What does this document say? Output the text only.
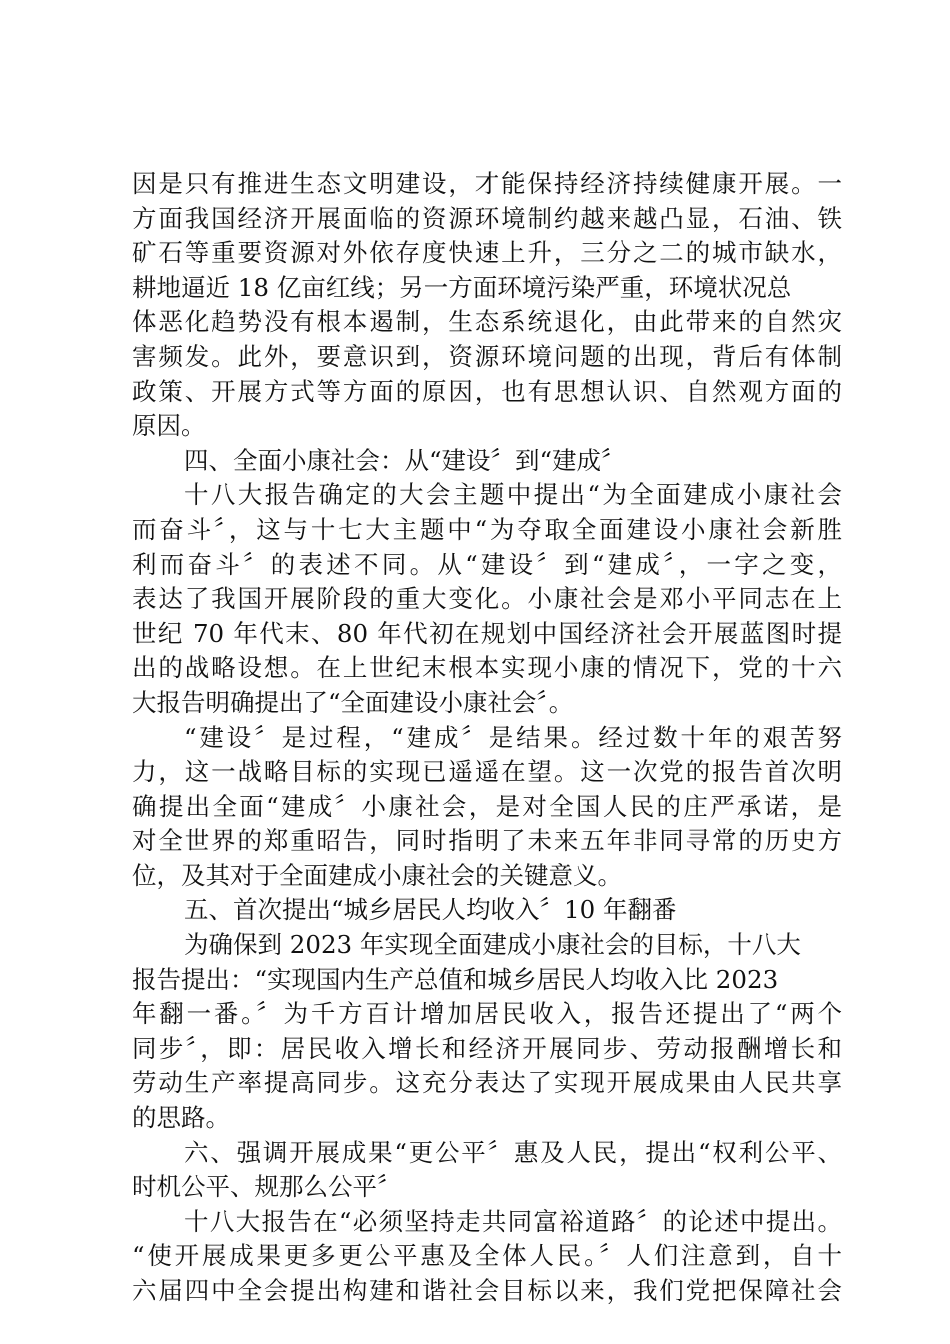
因是只有推进生态文明建设，才能保持经济持续健康开展。一
方面我国经济开展面临的资源环境制约越来越凸显，石油、铁
矿石等重要资源对外依存度快速上升，三分之二的城市缺水，
耕地逼近 18 亿亩红线；另一方面环境污染严重，环境状况总
体恶化趋势没有根本遏制，生态系统退化，由此带来的自然灾
害频发。此外，要意识到，资源环境问题的出现，背后有体制
政策、开展方式等方面的原因，也有思想认识、自然观方面的
原因。
四、全面小康社会：从“建设〞到“建成〞
十八大报告确定的大会主题中提出“为全面建成小康社会
而奋斗〞，这与十七大主题中“为夺取全面建设小康社会新胜
利而奋斗〞的表述不同。从“建设〞到“建成〞，一字之变，
表达了我国开展阶段的重大变化。小康社会是邓小平同志在上
世纪 70 年代末、80 年代初在规划中国经济社会开展蓝图时提
出的战略设想。在上世纪末根本实现小康的情况下，党的十六
大报告明确提出了“全面建设小康社会〞。
“建设〞是过程，“建成〞是结果。经过数十年的艰苦努
力，这一战略目标的实现已遥遥在望。这一次党的报告首次明
确提出全面“建成〞小康社会，是对全国人民的庄严承诺，是
对全世界的郑重昭告，同时指明了未来五年非同寻常的历史方
位，及其对于全面建成小康社会的关键意义。
五、首次提出“城乡居民人均收入〞10 年翻番
为确保到 2023 年实现全面建成小康社会的目标，十八大
报告提出：“实现国内生产总值和城乡居民人均收入比 2023
年翻一番。〞为千方百计增加居民收入，报告还提出了“两个
同步〞，即：居民收入增长和经济开展同步、劳动报酬增长和
劳动生产率提高同步。这充分表达了实现开展成果由人民共享
的思路。
六、强调开展成果“更公平〞惠及人民，提出“权利公平、
时机公平、规那么公平〞
十八大报告在“必须坚持走共同富裕道路〞的论述中提出。
“使开展成果更多更公平惠及全体人民。〞人们注意到，自十
六届四中全会提出构建和谐社会目标以来，我们党把保障社会
